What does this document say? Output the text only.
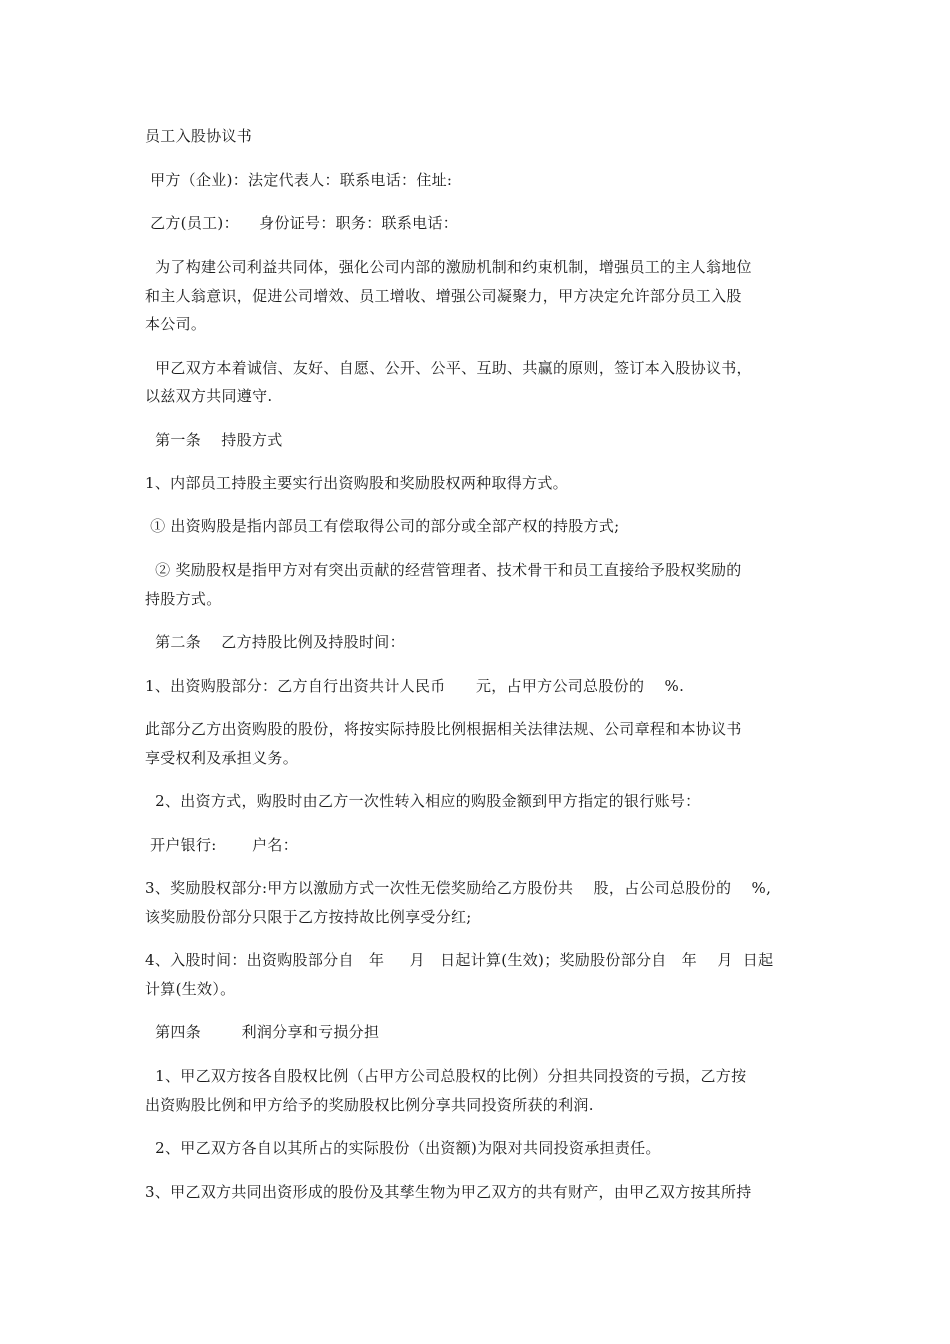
员工入股协议书
甲方（企业)：法定代表人：联系电话：住址:
乙方(员工)：    身份证号：职务：联系电话：
为了构建公司利益共同体，强化公司内部的激励机制和约束机制，增强员工的主人翁地位
和主人翁意识，促进公司增效、员工增收、增强公司凝聚力，甲方决定允许部分员工入股
本公司。
甲乙双方本着诚信、友好、自愿、公开、公平、互助、共赢的原则，签订本入股协议书，
以兹双方共同遵守.
第一条    持股方式
1、内部员工持股主要实行出资购股和奖励股权两种取得方式。
① 出资购股是指内部员工有偿取得公司的部分或全部产权的持股方式;
② 奖励股权是指甲方对有突出贡献的经营管理者、技术骨干和员工直接给予股权奖励的
持股方式。
第二条    乙方持股比例及持股时间：
1、出资购股部分：乙方自行出资共计人民币      元，占甲方公司总股份的    %.
此部分乙方出资购股的股份，将按实际持股比例根据相关法律法规、公司章程和本协议书
享受权利及承担义务。
2、出资方式，购股时由乙方一次性转入相应的购股金额到甲方指定的银行账号：
开户银行:       户名：
3、奖励股权部分:甲方以激励方式一次性无偿奖励给乙方股份共    股，占公司总股份的    %,
该奖励股份部分只限于乙方按持故比例享受分红;
4、入股时间：出资购股部分自   年     月   日起计算(生效)；奖励股份部分自   年    月  日起
计算(生效）。
第四条        利润分享和亏损分担
1、甲乙双方按各自股权比例（占甲方公司总股权的比例）分担共同投资的亏损，乙方按
出资购股比例和甲方给予的奖励股权比例分享共同投资所获的利润.
2、甲乙双方各自以其所占的实际股份（出资额)为限对共同投资承担责任。
3、甲乙双方共同出资形成的股份及其孳生物为甲乙双方的共有财产，由甲乙双方按其所持
